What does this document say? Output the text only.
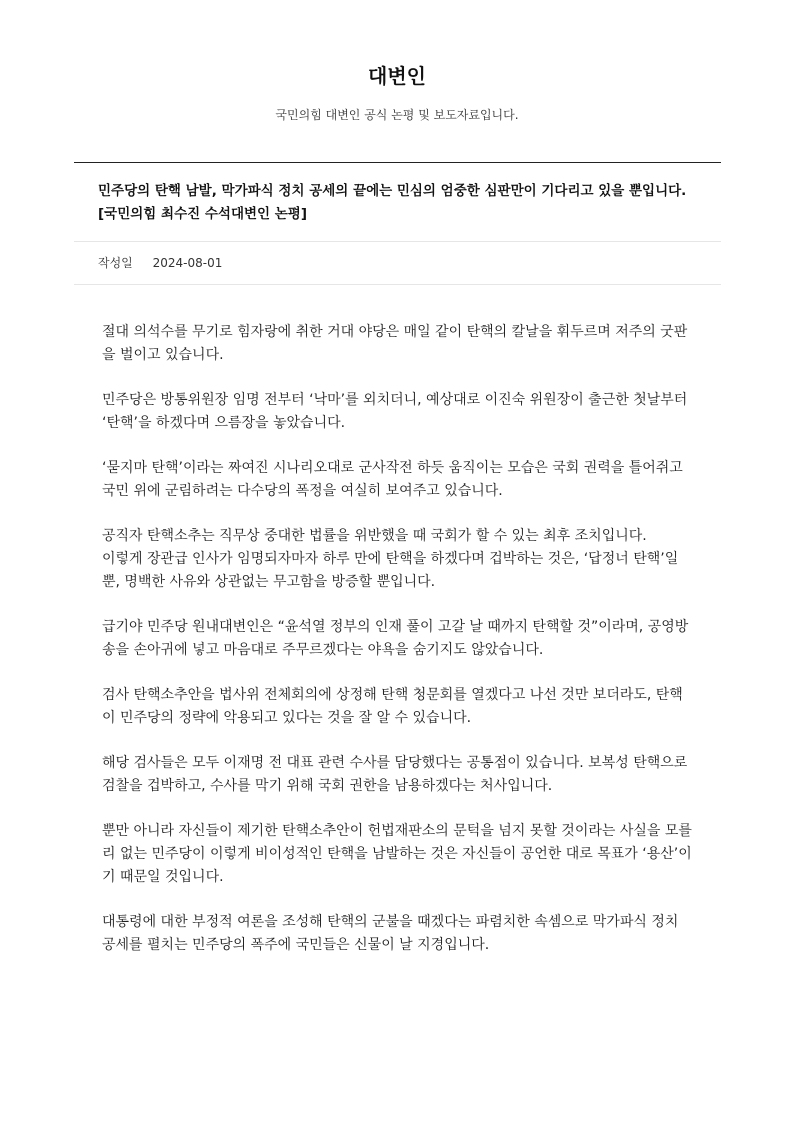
대변인
국민의힘 대변인 공식 논평 및 보도자료입니다.
민주당의 탄핵 남발, 막가파식 정치 공세의 끝에는 민심의 엄중한 심판만이 기다리고 있을 뿐입니다. [국민의힘 최수진 수석대변인 논평]
작성일 2024-08-01

절대 의석수를 무기로 힘자랑에 취한 거대 야당은 매일 같이 탄핵의 칼날을 휘두르며 저주의 굿판을 벌이고 있습니다.

민주당은 방통위원장 임명 전부터 ‘낙마’를 외치더니, 예상대로 이진숙 위원장이 출근한 첫날부터 ‘탄핵’을 하겠다며 으름장을 놓았습니다.

‘묻지마 탄핵’이라는 짜여진 시나리오대로 군사작전 하듯 움직이는 모습은 국회 권력을 틀어쥐고 국민 위에 군림하려는 다수당의 폭정을 여실히 보여주고 있습니다.

공직자 탄핵소추는 직무상 중대한 법률을 위반했을 때 국회가 할 수 있는 최후 조치입니다.
이렇게 장관급 인사가 임명되자마자 하루 만에 탄핵을 하겠다며 겁박하는 것은, ‘답정너 탄핵’일뿐, 명백한 사유와 상관없는 무고함을 방증할 뿐입니다.

급기야 민주당 원내대변인은 “윤석열 정부의 인재 풀이 고갈 날 때까지 탄핵할 것”이라며, 공영방송을 손아귀에 넣고 마음대로 주무르겠다는 야욕을 숨기지도 않았습니다.

검사 탄핵소추안을 법사위 전체회의에 상정해 탄핵 청문회를 열겠다고 나선 것만 보더라도, 탄핵이 민주당의 정략에 악용되고 있다는 것을 잘 알 수 있습니다.

해당 검사들은 모두 이재명 전 대표 관련 수사를 담당했다는 공통점이 있습니다. 보복성 탄핵으로 검찰을 겁박하고, 수사를 막기 위해 국회 권한을 남용하겠다는 처사입니다.

뿐만 아니라 자신들이 제기한 탄핵소추안이 헌법재판소의 문턱을 넘지 못할 것이라는 사실을 모를 리 없는 민주당이 이렇게 비이성적인 탄핵을 남발하는 것은 자신들이 공언한 대로 목표가 ‘용산’이기 때문일 것입니다.

대통령에 대한 부정적 여론을 조성해 탄핵의 군불을 때겠다는 파렴치한 속셈으로 막가파식 정치 공세를 펼치는 민주당의 폭주에 국민들은 신물이 날 지경입니다.
